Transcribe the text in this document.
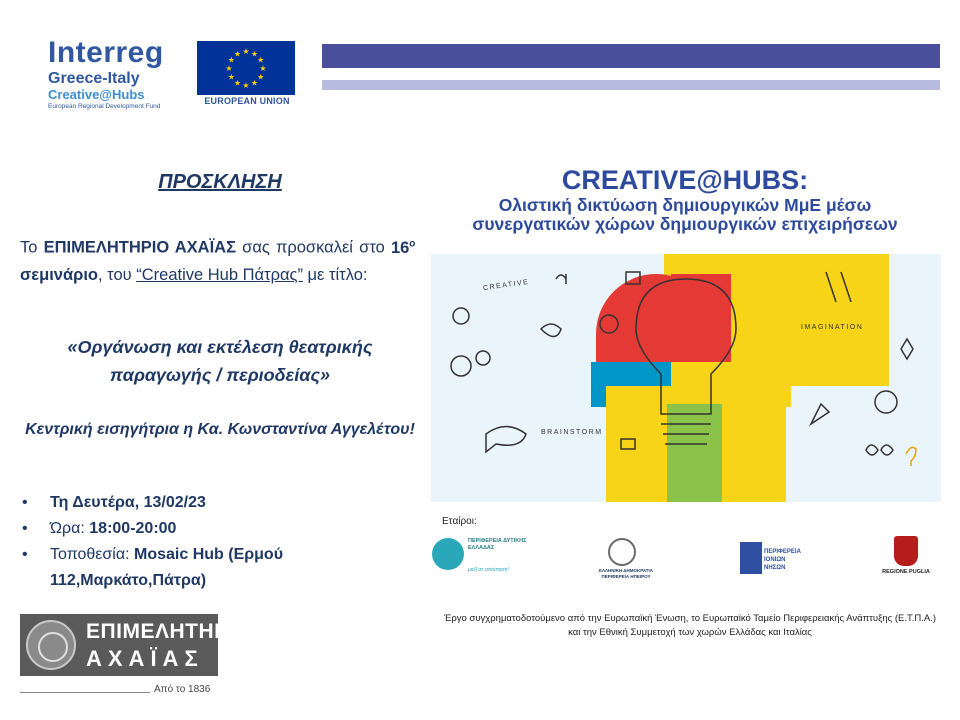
Interreg
Greece-Italy
Creative@Hubs
European Regional Development Fund
★ ★
★
★
★
★
★
★
★
★
★
★
EUROPEAN UNION
ΠΡΟΣΚΛΗΣΗ
Το ΕΠΙΜΕΛΗΤΗΡΙΟ ΑΧΑΪΑΣ σας προσκαλεί στο $16^o$  σεμινάριο, του “Creative Hub Πάτρας” με τίτλο:
«Οργάνωση και εκτέλεση θεατρικής παραγωγής / περιοδείας»
Κεντρική εισηγήτρια η Κα. Κωνσταντίνα Αγγελέτου!
• Τη Δευτέρα, 13/02/23
• Ώρα: 18:00-20:00
• Τοποθεσία: Mosaic Hub (Ερμού 112,Μαρκάτο,Πάτρα)
ΕΠΙΜΕΛΗΤΗΡΙΟ
ΑΧΑΪΑΣ
Από το 1836
CREATIVE@HUBS:
Ολιστική δικτύωση δημιουργικών ΜμΕ μέσω
συνεργατικών χώρων δημιουργικών επιχειρήσεων
CREATIVE
IMAGINATION
BRAINSTORM
Εταίροι:
ΠΕΡΙΦΕΡΕΙΑ ΔΥΤΙΚΗΣ ΕΛΛΑΔΑΣ
μαζί σε απόσταση!	ΕΛΛΗΝΙΚΗ ΔΗΜΟΚΡΑΤΙΑ ΠΕΡΙΦΕΡΕΙΑ ΗΠΕΙΡΟΥ
ΠΕΡΙΦΕΡΕΙΑ ΙΟΝΙΩΝ ΝΗΣΩΝ
REGIONE PUGLIA
Έργο συγχρηματοδοτούμενο από την Ευρωπαϊκή Ένωση, το Ευρωπαϊκό Ταμείο Περιφερειακής Ανάπτυξης (Ε.Τ.Π.Α.) και την Εθνική Συμμετοχή των χωρών Ελλάδας και Ιταλίας
